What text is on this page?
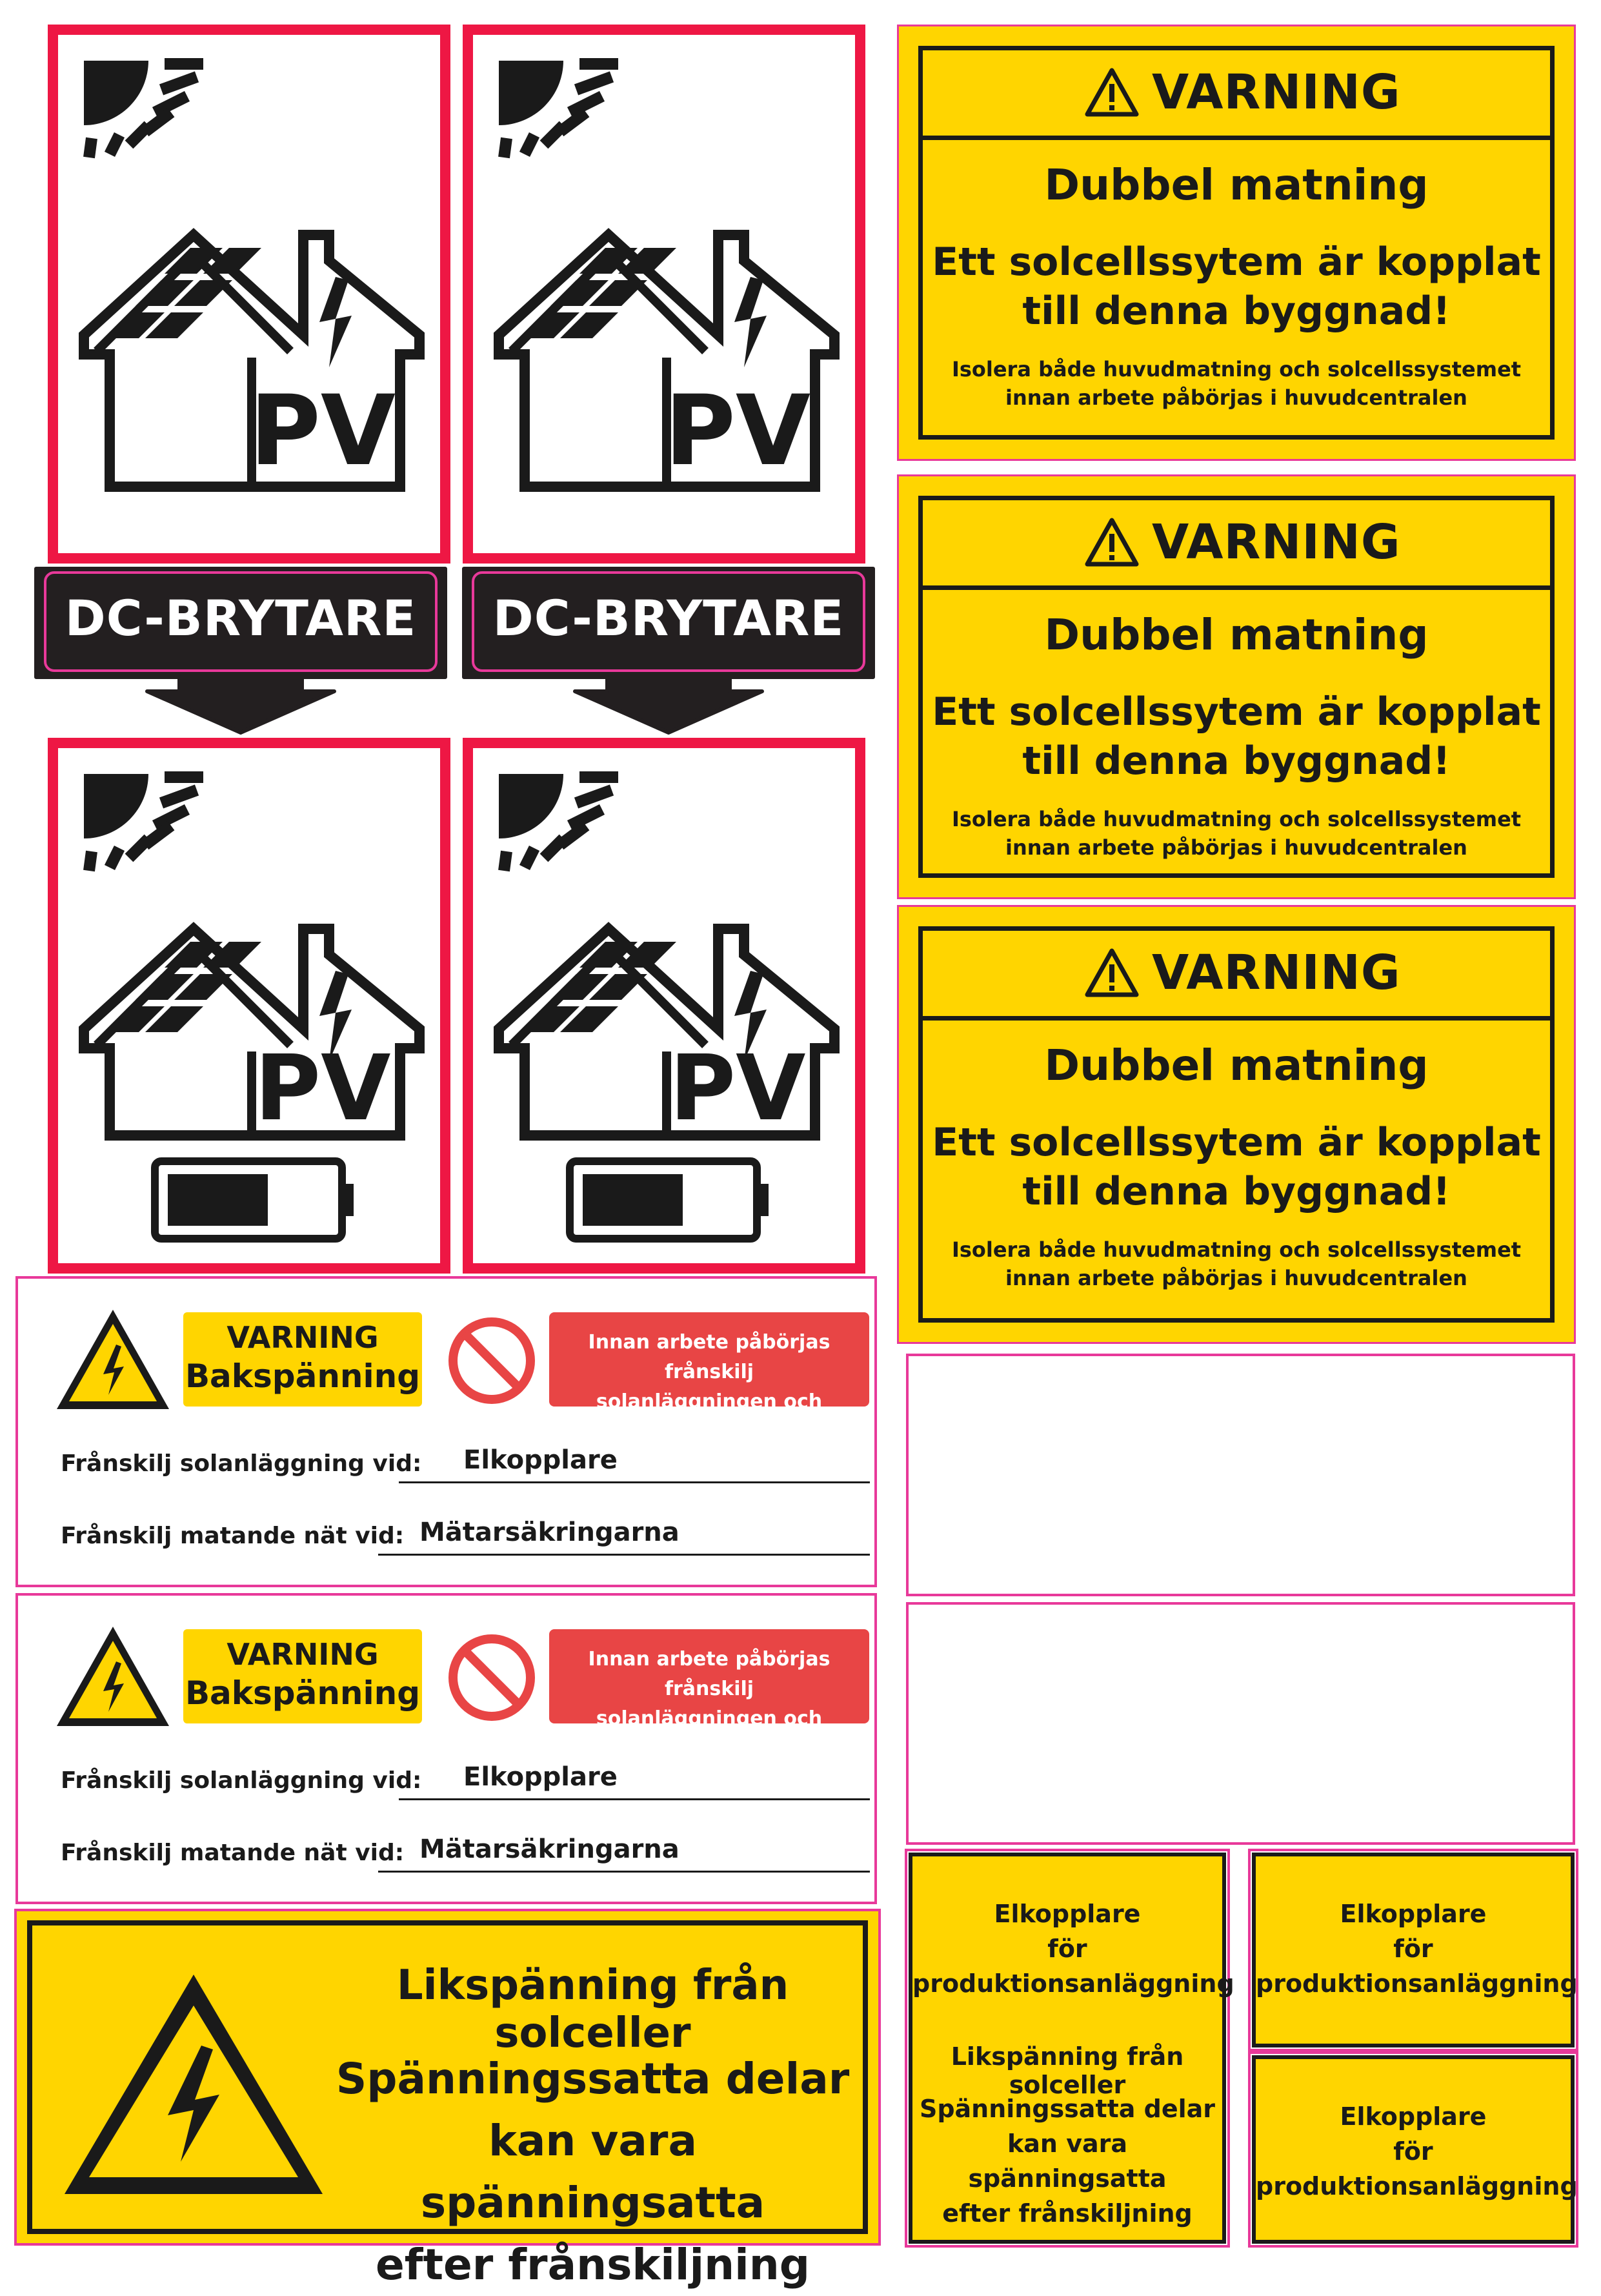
PV	PV
DC-BRYTARE	DC-BRYTARE
PV	PV
VARNING
Dubbel matning
Ett solcellssytem är kopplat
till denna byggnad!
Isolera både huvudmatning och solcellssystemet
innan arbete påbörjas i huvudcentralen
VARNING
Dubbel matning
Ett solcellssytem är kopplat
till denna byggnad!
Isolera både huvudmatning och solcellssystemet
innan arbete påbörjas i huvudcentralen
VARNING
Dubbel matning
Ett solcellssytem är kopplat
till denna byggnad!
Isolera både huvudmatning och solcellssystemet
innan arbete påbörjas i huvudcentralen
VARNING
Bakspänning
Innan arbete påbörjas frånskilj
solanläggningen och matande nät
Frånskilj solanläggning vid: Elkopplare
Frånskilj matande nät vid: Mätarsäkringarna
VARNING
Bakspänning
Innan arbete påbörjas frånskilj
solanläggningen och matande nät
Frånskilj solanläggning vid: Elkopplare
Frånskilj matande nät vid: Mätarsäkringarna
Likspänning från solceller
Spänningssatta delar
kan vara spänningsatta
efter frånskiljning
Elkopplare
för
produktionsanläggning
Likspänning från solceller
Spänningssatta delar
kan vara spänningsatta
efter frånskiljning
Elkopplare
för
produktionsanläggning
Elkopplare
för
produktionsanläggning
